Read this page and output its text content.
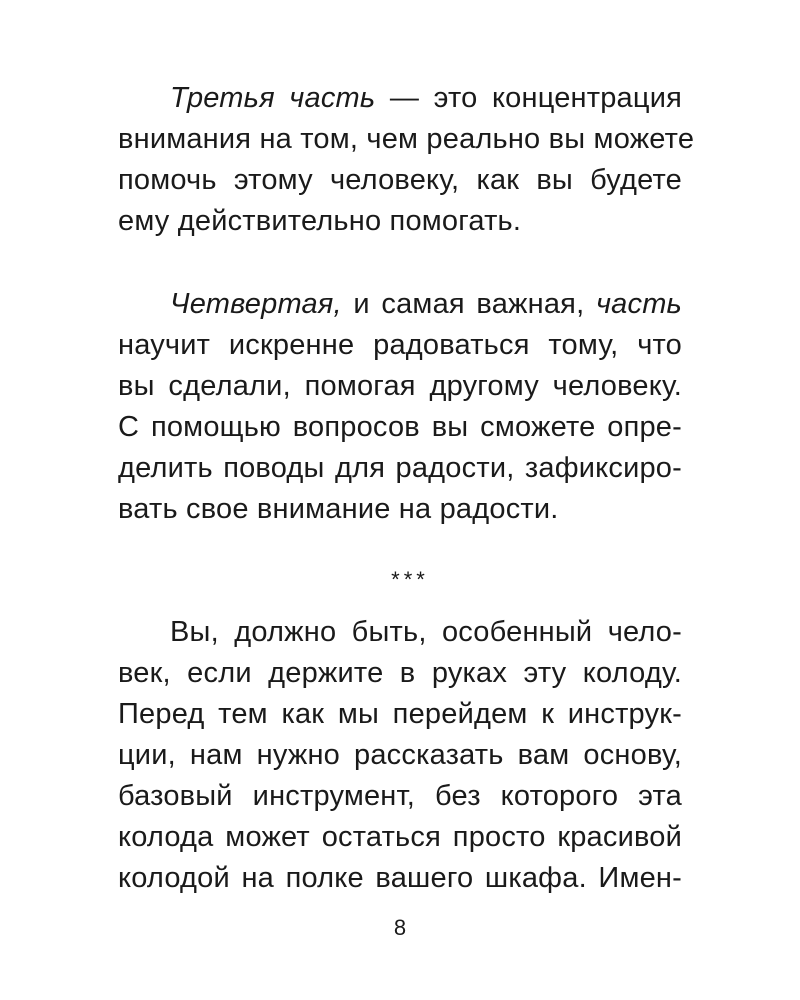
Третья часть — это концентрация
внимания на том, чем реально вы можете
помочь этому человеку, как вы будете
ему действительно помогать.
Четвертая, и самая важная, часть
научит искренне радоваться тому, что
вы сделали, помогая другому человеку.
С помощью вопросов вы сможете опре-
делить поводы для радости, зафиксиро-
вать свое внимание на радости.
***
Вы, должно быть, особенный чело-
век, если держите в руках эту колоду.
Перед тем как мы перейдем к инструк-
ции, нам нужно рассказать вам основу,
базовый инструмент, без которого эта
колода может остаться просто красивой
колодой на полке вашего шкафа. Имен-
8
